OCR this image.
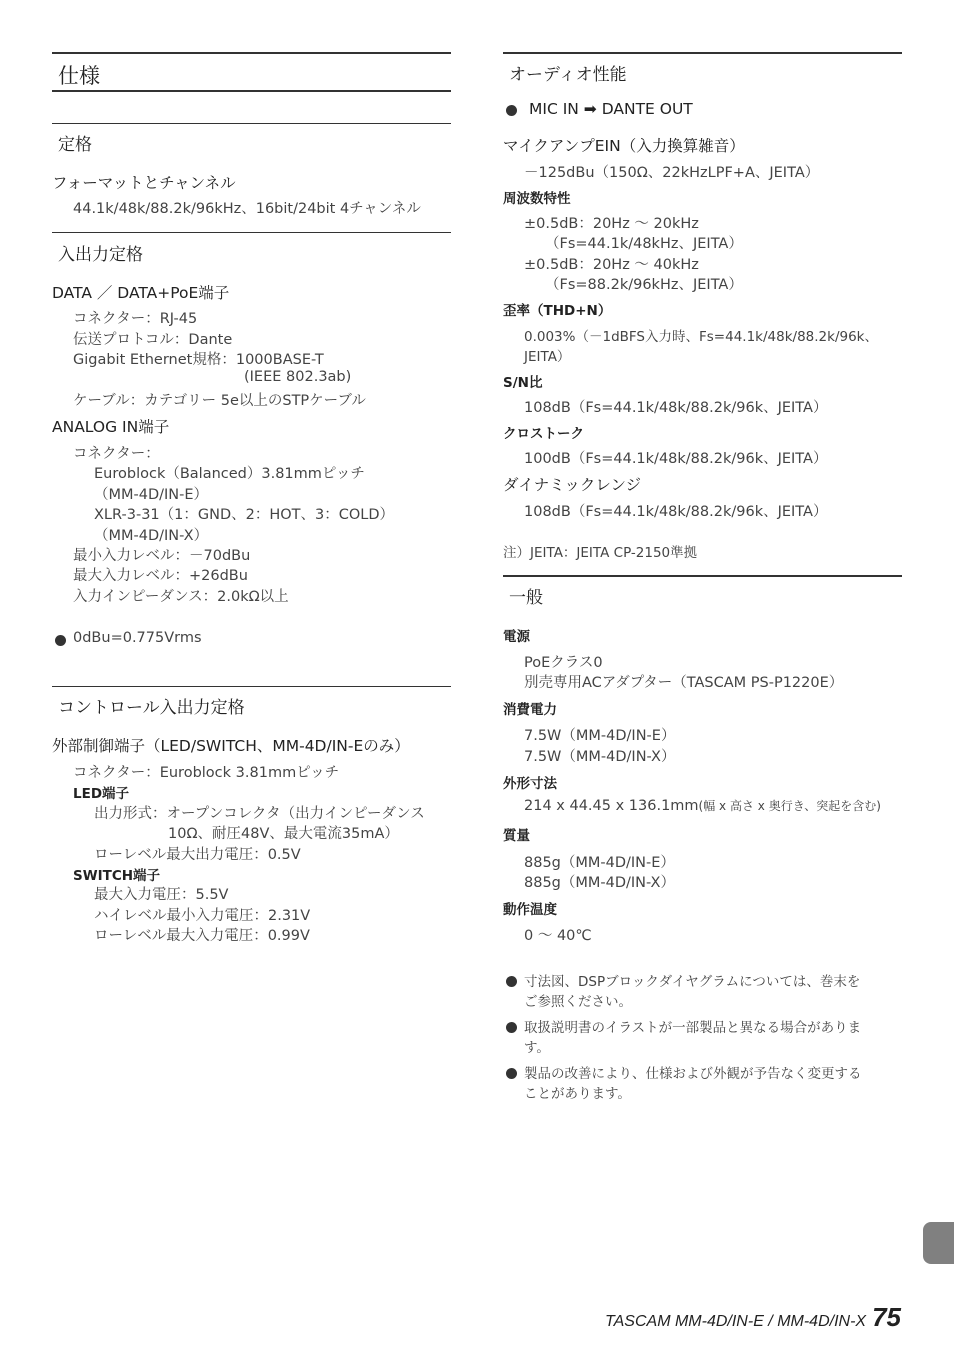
仕様
定格
フォーマットとチャンネル
44.1k/48k/88.2k/96kHz、16bit/24bit 4チャンネル
入出力定格
DATA ／ DATA+PoE端子
コネクター：RJ-45
伝送プロトコル：Dante
Gigabit Ethernet規格：1000BASE-T
(IEEE 802.3ab)
ケーブル：カテゴリー 5e以上のSTPケーブル
ANALOG IN端子
コネクター：
Euroblock（Balanced）3.81mmピッチ
（MM-4D/IN-E）
XLR-3-31（1：GND、2：HOT、3：COLD）
（MM-4D/IN-X）
最小入力レベル：－70dBu
最大入力レベル：+26dBu
入力インピーダンス：2.0kΩ以上
0dBu=0.775Vrms
コントロール入出力定格
外部制御端子（LED/SWITCH、MM-4D/IN-Eのみ）
コネクター：Euroblock 3.81mmピッチ
LED端子
出力形式：オープンコレクタ（出力インピーダンス
10Ω、耐圧48V、最大電流35mA）
ローレベル最大出力電圧：0.5V
SWITCH端子
最大入力電圧：5.5V
ハイレベル最小入力電圧：2.31V
ローレベル最大入力電圧：0.99V
オーディオ性能
MIC IN ➡ DANTE OUT
マイクアンプEIN（入力換算雑音）
－125dBu（150Ω、22kHzLPF+A、JEITA）
周波数特性
±0.5dB：20Hz ～ 20kHz
（Fs=44.1k/48kHz、JEITA）
±0.5dB：20Hz ～ 40kHz
（Fs=88.2k/96kHz、JEITA）
歪率（THD+N）
0.003%（－1dBFS入力時、Fs=44.1k/48k/88.2k/96k、
JEITA）
S/N比
108dB（Fs=44.1k/48k/88.2k/96k、JEITA）
クロストーク
100dB（Fs=44.1k/48k/88.2k/96k、JEITA）
ダイナミックレンジ
108dB（Fs=44.1k/48k/88.2k/96k、JEITA）
注）JEITA：JEITA CP-2150準拠
一般
電源
PoEクラス0
別売専用ACアダプター（TASCAM PS-P1220E）
消費電力
7.5W（MM-4D/IN-E）
7.5W（MM-4D/IN-X）
外形寸法
214 x 44.45 x 136.1mm(幅 x 高さ x 奥行き、突起を含む)
質量
885g（MM-4D/IN-E）
885g（MM-4D/IN-X）
動作温度
0 ～ 40℃
寸法図、DSPブロックダイヤグラムについては、巻末を
ご参照ください。
取扱説明書のイラストが一部製品と異なる場合がありま
す。
製品の改善により、仕様および外観が予告なく変更する
ことがあります。
TASCAM MM-4D/IN-E / MM-4D/IN-X 75
